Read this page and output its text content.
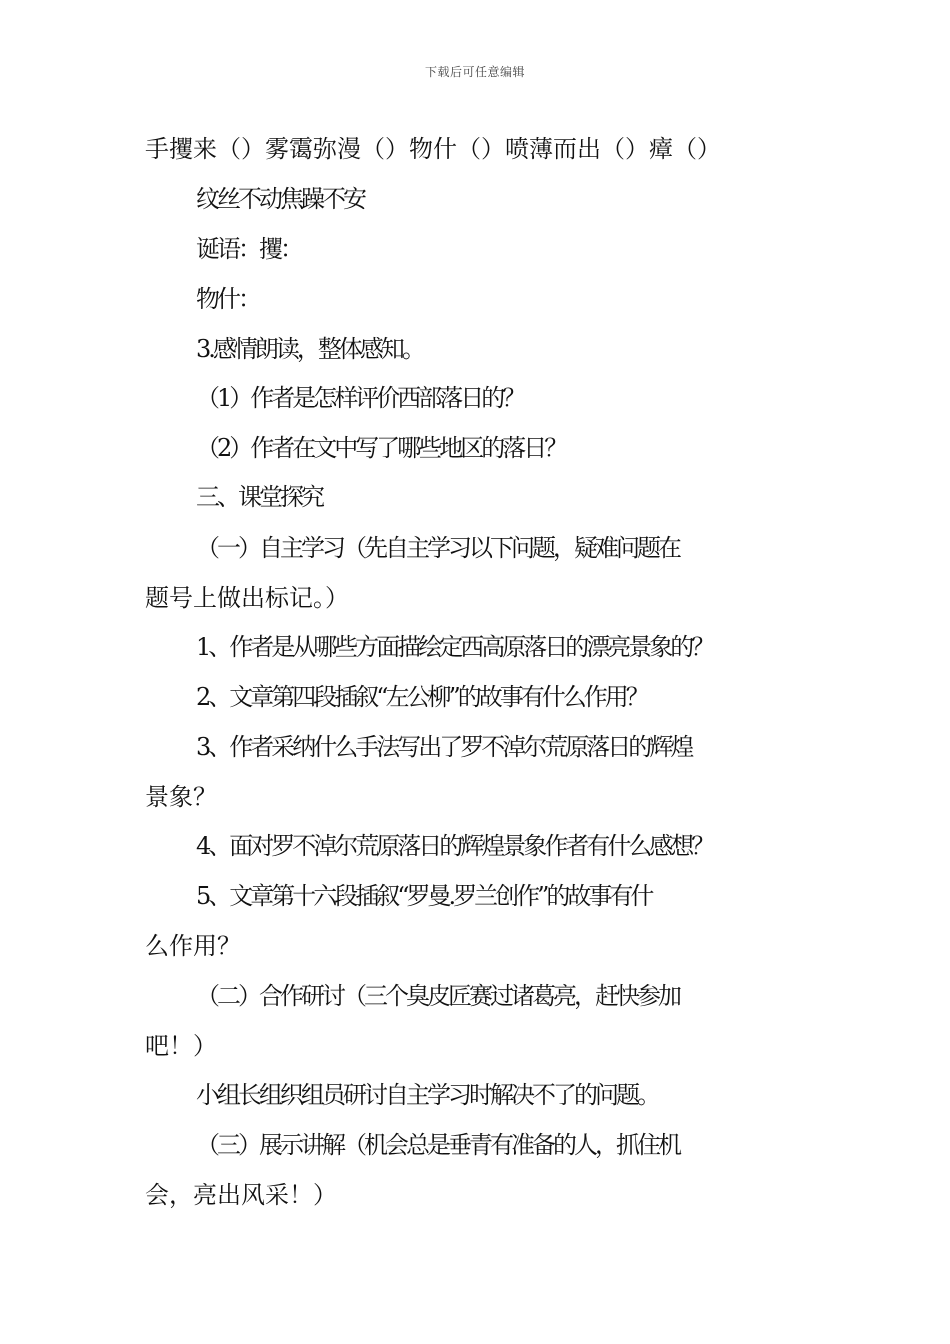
下载后可任意编辑
手攫来（）雾霭弥漫（）物什（）喷薄而出（）瘴（）
纹丝不动焦躁不安
诞语：攫：
物什：
3.感情朗读，整体感知。
（1）作者是怎样评价西部落日的？
（2）作者在文中写了哪些地区的落日？
三、课堂探究
（一）自主学习（先自主学习以下问题，疑难问题在
题号上做出标记。）
1、作者是从哪些方面描绘定西高原落日的漂亮景象的？
2、文章第四段插叙“左公柳”的故事有什么作用？
3、作者采纳什么手法写出了罗不淖尔荒原落日的辉煌
景象？
4、面对罗不淖尔荒原落日的辉煌景象作者有什么感想？
5、文章第十六段插叙“罗曼.罗兰创作”的故事有什
么作用？
（二）合作研讨（三个臭皮匠赛过诸葛亮，赶快参加
吧！）
小组长组织组员研讨自主学习时解决不了的问题。
（三）展示讲解（机会总是垂青有准备的人，抓住机
会，亮出风采！）
